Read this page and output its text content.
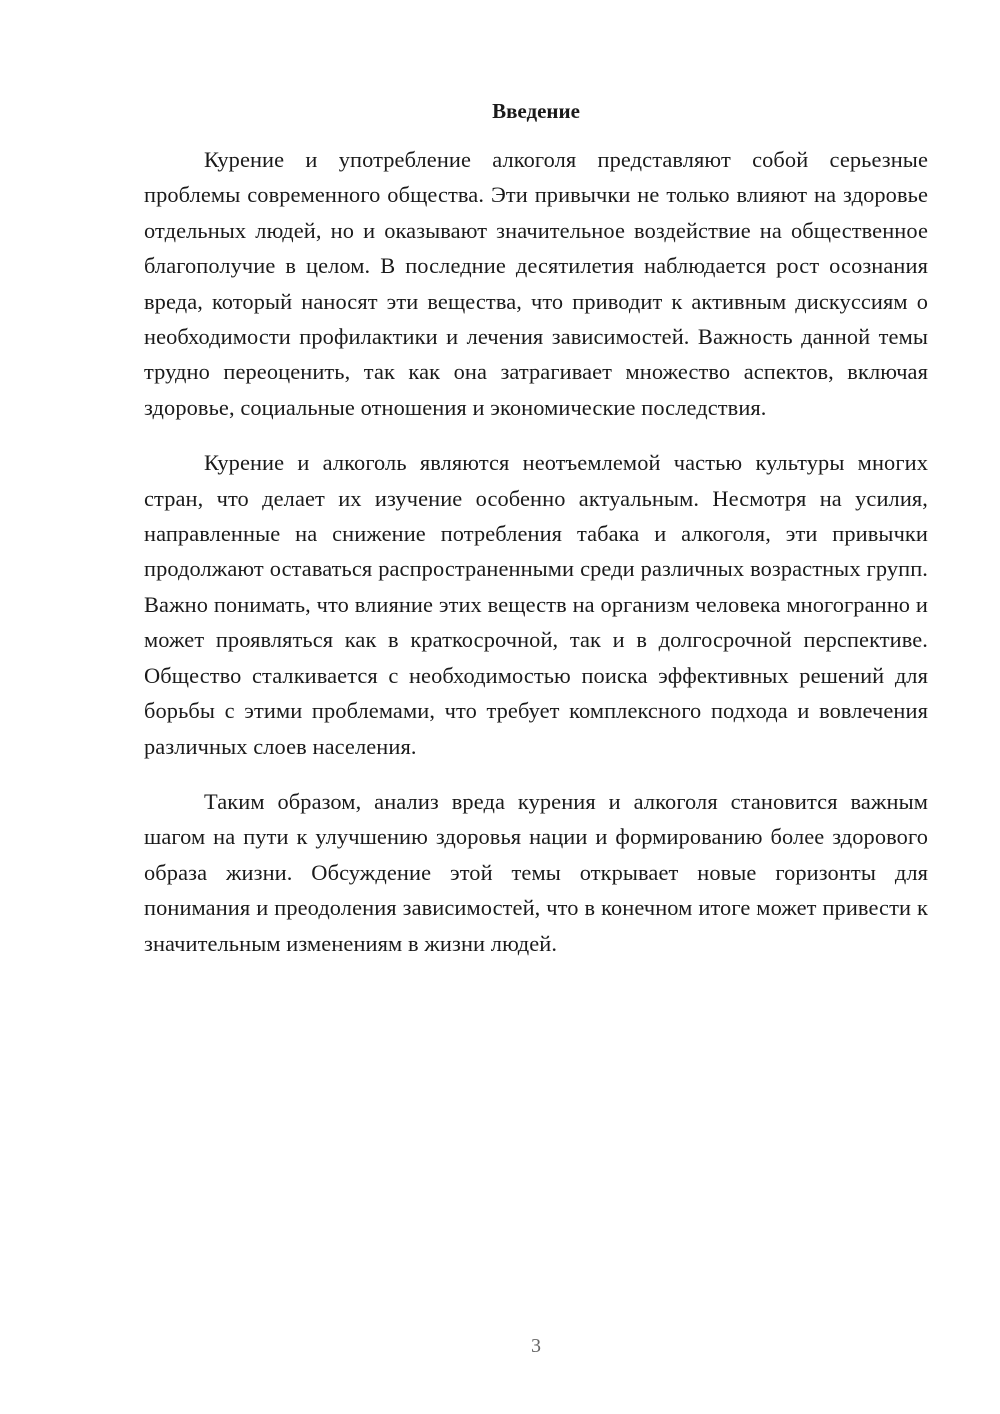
Введение

Курение и употребление алкоголя представляют собой серьезные проблемы современного общества. Эти привычки не только влияют на здоровье отдельных людей, но и оказывают значительное воздействие на общественное благополучие в целом. В последние десятилетия наблюдается рост осознания вреда, который наносят эти вещества, что приводит к активным дискуссиям о необходимости профилактики и лечения зависимостей. Важность данной темы трудно переоценить, так как она затрагивает множество аспектов, включая здоровье, социальные отношения и экономические последствия.

Курение и алкоголь являются неотъемлемой частью культуры многих стран, что делает их изучение особенно актуальным. Несмотря на усилия, направленные на снижение потребления табака и алкоголя, эти привычки продолжают оставаться распространенными среди различных возрастных групп. Важно понимать, что влияние этих веществ на организм человека многогранно и может проявляться как в краткосрочной, так и в долгосрочной перспективе. Общество сталкивается с необходимостью поиска эффективных решений для борьбы с этими проблемами, что требует комплексного подхода и вовлечения различных слоев населения.

Таким образом, анализ вреда курения и алкоголя становится важным шагом на пути к улучшению здоровья нации и формированию более здорового образа жизни. Обсуждение этой темы открывает новые горизонты для понимания и преодоления зависимостей, что в конечном итоге может привести к значительным изменениям в жизни людей.

3
